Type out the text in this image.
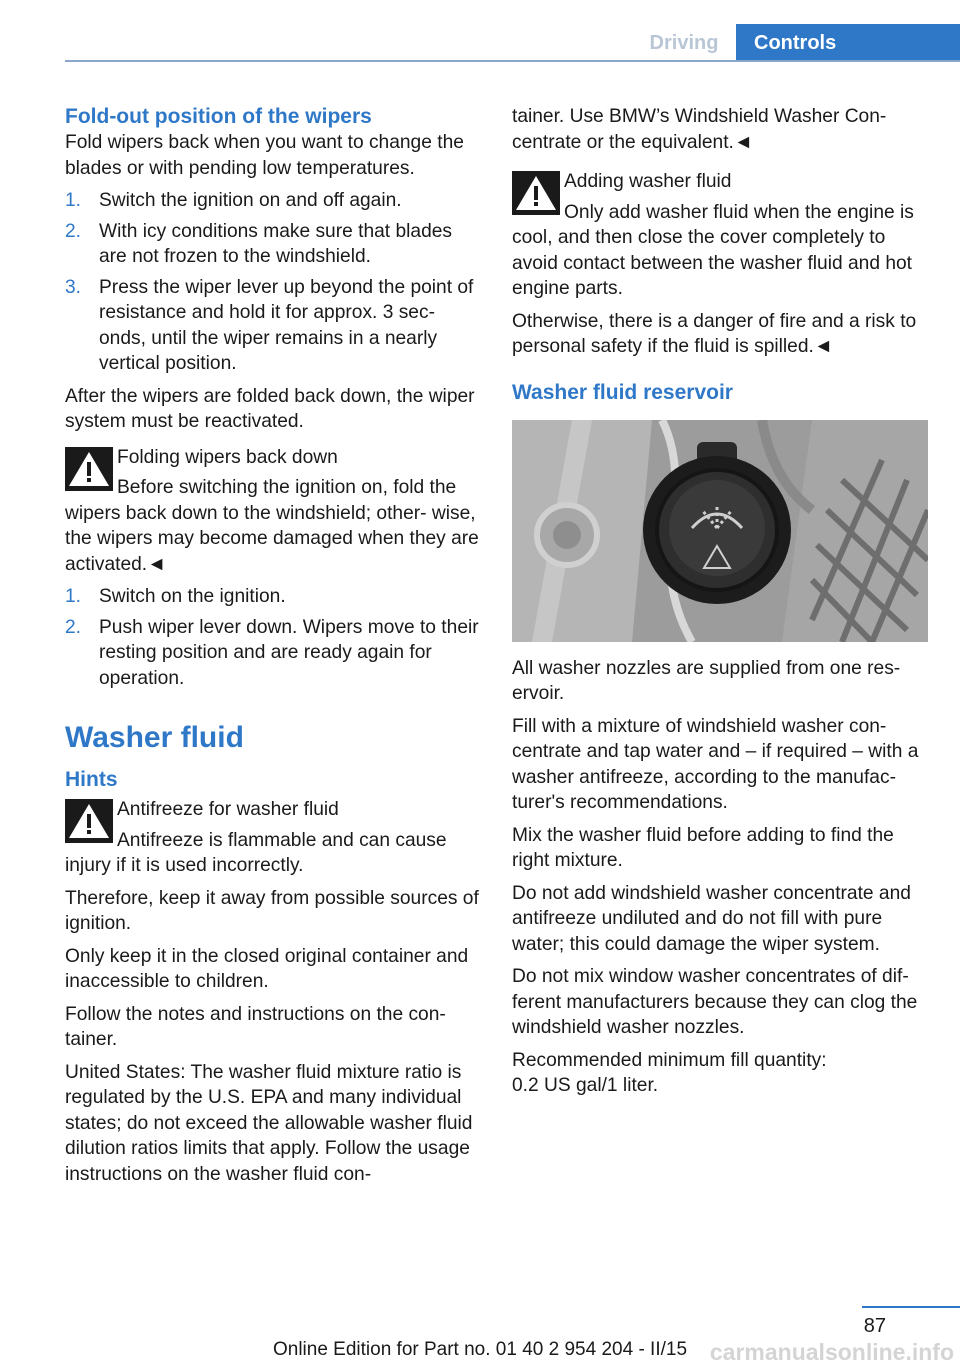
Driving	Controls
Fold-out position of the wipers

Fold wipers back when you want to change the blades or with pending low temperatures.

1. Switch the ignition on and off again.
2. With icy conditions make sure that blades are not frozen to the windshield.
3. Press the wiper lever up beyond the point of resistance and hold it for approx. 3 sec‐ onds, until the wiper remains in a nearly vertical position.

After the wipers are folded back down, the wiper system must be reactivated.

Folding wipers back down
Before switching the ignition on, fold the wipers back down to the windshield; other‐ wise, the wipers may become damaged when they are activated.◄
1. Switch on the ignition.
2. Push wiper lever down. Wipers move to their resting position and are ready again for operation.
Washer fluid
Hints
Antifreeze for washer fluid
Antifreeze is flammable and can cause injury if it is used incorrectly.

Therefore, keep it away from possible sources of ignition.

Only keep it in the closed original container and inaccessible to children.

Follow the notes and instructions on the con‐ tainer.

United States: The washer fluid mixture ratio is regulated by the U.S. EPA and many individual states; do not exceed the allowable washer fluid dilution ratios limits that apply. Follow the usage instructions on the washer fluid con‐

tainer. Use BMW’s Windshield Washer Con‐ centrate or the equivalent.◄

Adding washer fluid
Only add washer fluid when the engine is cool, and then close the cover completely to avoid contact between the washer fluid and hot engine parts.

Otherwise, there is a danger of fire and a risk to personal safety if the fluid is spilled.◄

Washer fluid reservoir

All washer nozzles are supplied from one res‐ ervoir.

Fill with a mixture of windshield washer con‐ centrate and tap water and – if required – with a washer antifreeze, according to the manufac‐ turer's recommendations.

Mix the washer fluid before adding to find the right mixture.

Do not add windshield washer concentrate and antifreeze undiluted and do not fill with pure water; this could damage the wiper system.

Do not mix window washer concentrates of dif‐ ferent manufacturers because they can clog the windshield washer nozzles.

Recommended minimum fill quantity:
0.2 US gal/1 liter.

87
Online Edition for Part no. 01 40 2 954 204 - II/15 carmanualsonline.info
